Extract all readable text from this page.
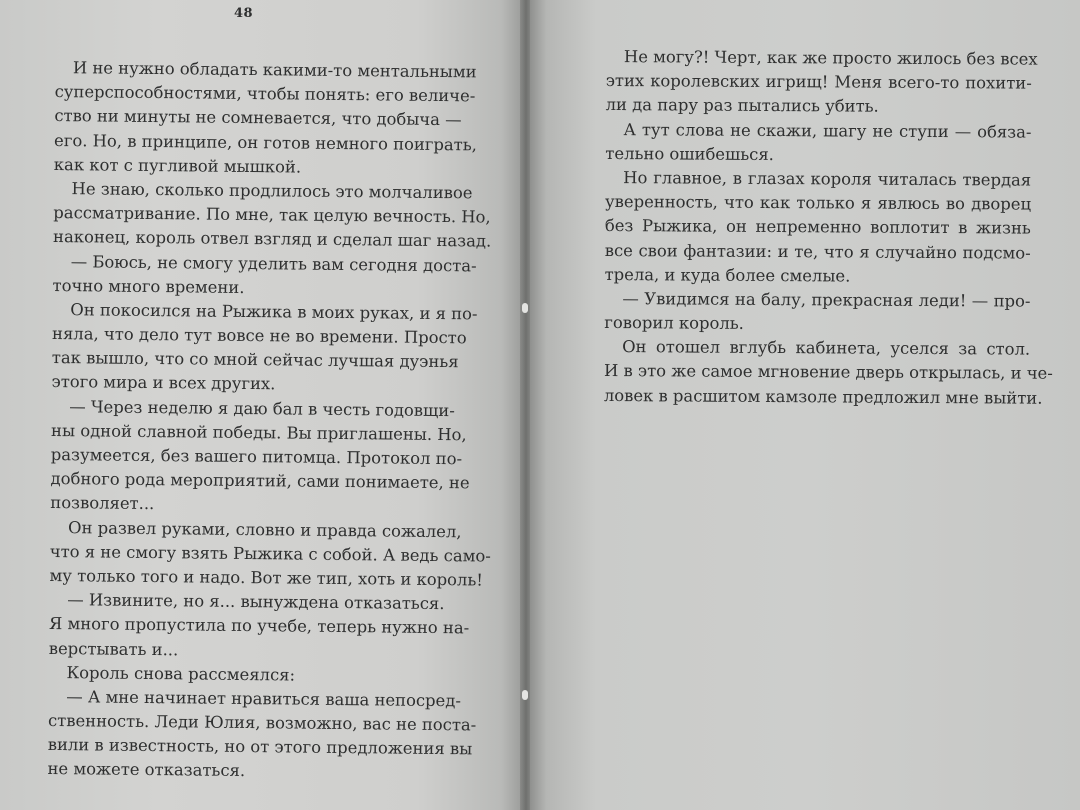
48
И не нужно обладать какими-то ментальными
суперспособностями, чтобы понять: его величе-
ство ни минуты не сомневается, что добыча —
его. Но, в принципе, он готов немного поиграть,
как кот с пугливой мышкой.
Не знаю, сколько продлилось это молчаливое
рассматривание. По мне, так целую вечность. Но,
наконец, король отвел взгляд и сделал шаг назад.
— Боюсь, не смогу уделить вам сегодня доста-
точно много времени.
Он покосился на Рыжика в моих руках, и я по-
няла, что дело тут вовсе не во времени. Просто
так вышло, что со мной сейчас лучшая дуэнья
этого мира и всех других.
— Через неделю я даю бал в честь годовщи-
ны одной славной победы. Вы приглашены. Но,
разумеется, без вашего питомца. Протокол по-
добного рода мероприятий, сами понимаете, не
позволяет...
Он развел руками, словно и правда сожалел,
что я не смогу взять Рыжика с собой. А ведь само-
му только того и надо. Вот же тип, хоть и король!
— Извините, но я... вынуждена отказаться.
Я много пропустила по учебе, теперь нужно на-
верстывать и...
Король снова рассмеялся:
— А мне начинает нравиться ваша непосред-
ственность. Леди Юлия, возможно, вас не поста-
вили в известность, но от этого предложения вы
не можете отказаться.
Не могу?! Черт, как же просто жилось без всех
этих королевских игрищ! Меня всего-то похити-
ли да пару раз пытались убить.
А тут слова не скажи, шагу не ступи — обяза-
тельно ошибешься.
Но главное, в глазах короля читалась твердая
уверенность, что как только я явлюсь во дворец
без Рыжика, он непременно воплотит в жизнь
все свои фантазии: и те, что я случайно подсмо-
трела, и куда более смелые.
— Увидимся на балу, прекрасная леди! — про-
говорил король.
Он отошел вглубь кабинета, уселся за стол.
И в это же самое мгновение дверь открылась, и че-
ловек в расшитом камзоле предложил мне выйти.
